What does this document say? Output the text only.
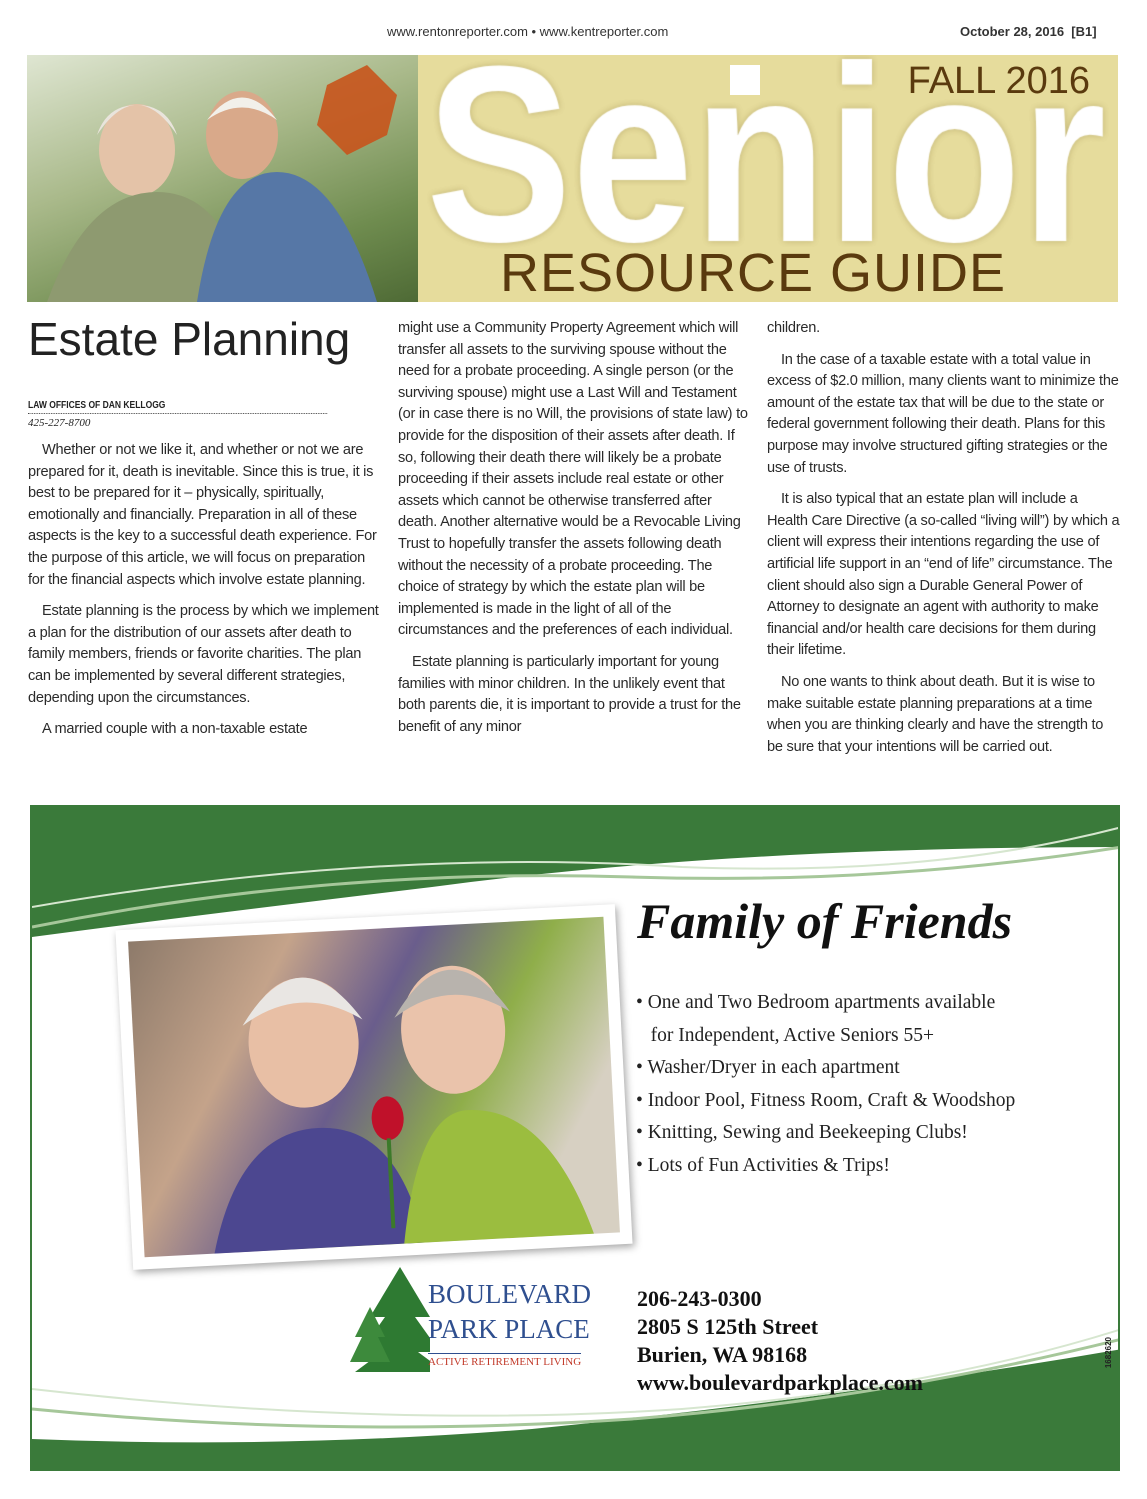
www.rentonreporter.com • www.kentreporter.com	October 28, 2016 [B1]
FALL 2016
RESOURCE GUIDE
Estate Planning
LAW OFFICES OF DAN KELLOGG
425-227-8700

Whether or not we like it, and whether or not we are prepared for it, death is inevitable. Since this is true, it is best to be prepared for it – physically, spiritually, emotionally and financially. Preparation in all of these aspects is the key to a successful death experience. For the purpose of this article, we will focus on preparation for the financial aspects which involve estate planning.

Estate planning is the process by which we implement a plan for the distribution of our assets after death to family members, friends or favorite charities. The plan can be implemented by several different strategies, depending upon the circumstances.

A married couple with a non-taxable estate

might use a Community Property Agreement which will transfer all assets to the surviving spouse without the need for a probate proceeding. A single person (or the surviving spouse) might use a Last Will and Testament (or in case there is no Will, the provisions of state law) to provide for the disposition of their assets after death. If so, following their death there will likely be a probate proceeding if their assets include real estate or other assets which cannot be otherwise transferred after death. Another alternative would be a Revocable Living Trust to hopefully transfer the assets following death without the necessity of a probate proceeding. The choice of strategy by which the estate plan will be implemented is made in the light of all of the circumstances and the preferences of each individual.

Estate planning is particularly important for young families with minor children. In the unlikely event that both parents die, it is important to provide a trust for the benefit of any minor

children.

In the case of a taxable estate with a total value in excess of $2.0 million, many clients want to minimize the amount of the estate tax that will be due to the state or federal government following their death. Plans for this purpose may involve structured gifting strategies or the use of trusts.

It is also typical that an estate plan will include a Health Care Directive (a so-called “living will”) by which a client will express their intentions regarding the use of artificial life support in an “end of life” circumstance. The client should also sign a Durable General Power of Attorney to designate an agent with authority to make financial and/or health care decisions for them during their lifetime.

No one wants to think about death. But it is wise to make suitable estate planning preparations at a time when you are thinking clearly and have the strength to be sure that your intentions will be carried out.

Family of Friends
• One and Two Bedroom apartments available
for Independent, Active Seniors 55+
• Washer/Dryer in each apartment
• Indoor Pool, Fitness Room, Craft & Woodshop
• Knitting, Sewing and Beekeeping Clubs!
• Lots of Fun Activities & Trips!
BOULEVARD
PARK PLACE
ACTIVE RETIREMENT LIVING
206-243-0300
2805 S 125th Street
Burien, WA 98168
www.boulevardparkplace.com
1682620
